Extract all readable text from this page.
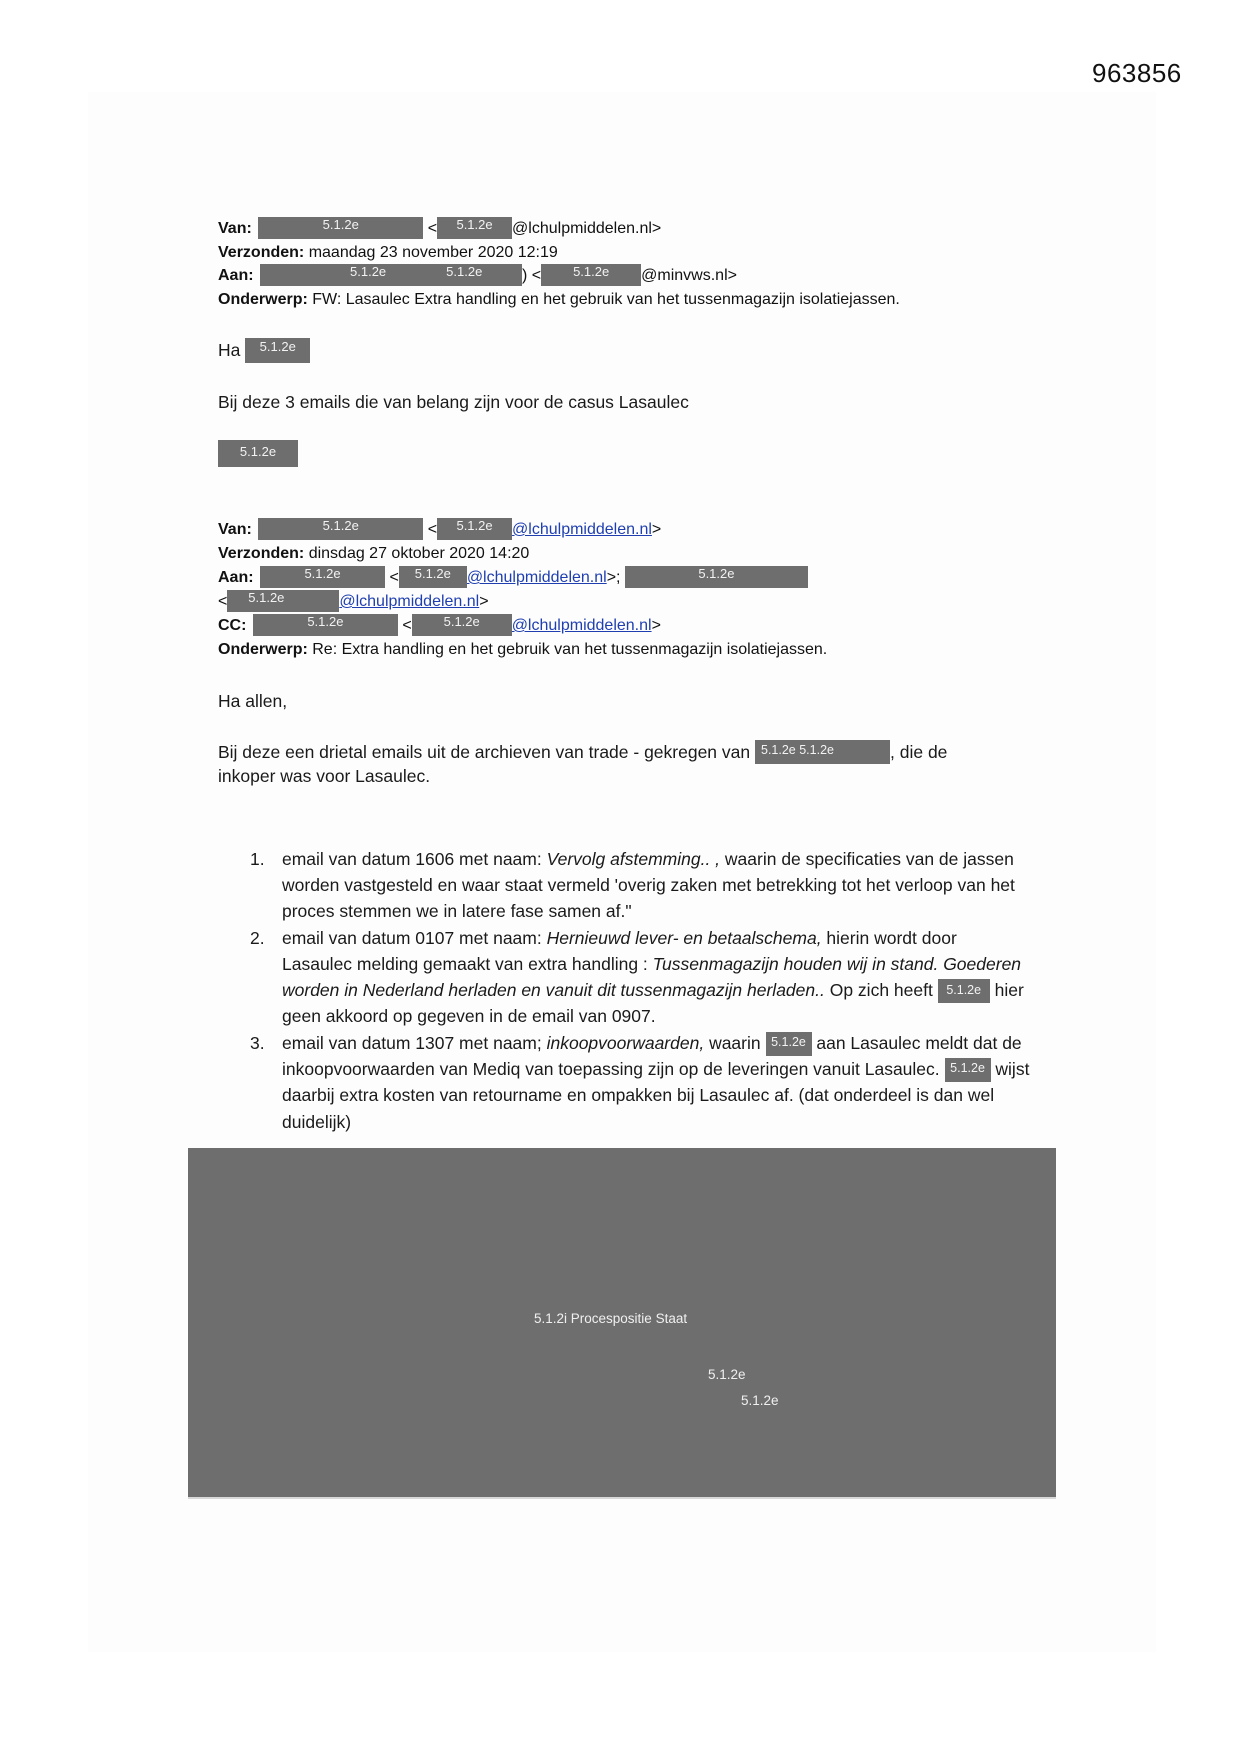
963856
Van:	5.1.2e	< 5.1.2e @lchulpmiddelen.nl>
Verzonden: maandag 23 november 2020 12:19
Aan:	5.1.2e	5.1.2e ) < 5.1.2e @minvws.nl>
Onderwerp: FW: Lasaulec Extra handling en het gebruik van het tussenmagazijn isolatiejassen.
Ha 5.1.2e
Bij deze 3 emails die van belang zijn voor de casus Lasaulec
5.1.2e
Van:	5.1.2e	< 5.1.2e @lchulpmiddelen.nl>
Verzonden: dinsdag 27 oktober 2020 14:20
Aan:	5.1.2e	< 5.1.2e @lchulpmiddelen.nl>;	5.1.2e
< 5.1.2e	@lchulpmiddelen.nl>
CC:	5.1.2e	< 5.1.2e @lchulpmiddelen.nl>
Onderwerp: Re: Extra handling en het gebruik van het tussenmagazijn isolatiejassen.
Ha allen,
Bij deze een drietal emails uit de archieven van trade - gekregen van 5.1.2e 5.1.2e	, die de
inkoper was voor Lasaulec.
1. email van datum 1606 met naam: Vervolg afstemming.. , waarin de specificaties van de jassen worden vastgesteld en waar staat vermeld 'overig zaken met betrekking tot het verloop van het proces stemmen we in latere fase samen af."
2. email van datum 0107 met naam: Hernieuwd lever- en betaalschema, hierin wordt door Lasaulec melding gemaakt van extra handling : Tussenmagazijn houden wij in stand. Goederen worden in Nederland herladen en vanuit dit tussenmagazijn herladen.. Op zich heeft 5.1.2e hier geen akkoord op gegeven in de email van 0907.
3. email van datum 1307 met naam; inkoopvoorwaarden, waarin 5.1.2e aan Lasaulec meldt dat de inkoopvoorwaarden van Mediq van toepassing zijn op de leveringen vanuit Lasaulec. 5.1.2e wijst daarbij extra kosten van retourname en ompakken bij Lasaulec af. (dat onderdeel is dan wel duidelijk)
5.1.2i Procespositie Staat
5.1.2e
5.1.2e
